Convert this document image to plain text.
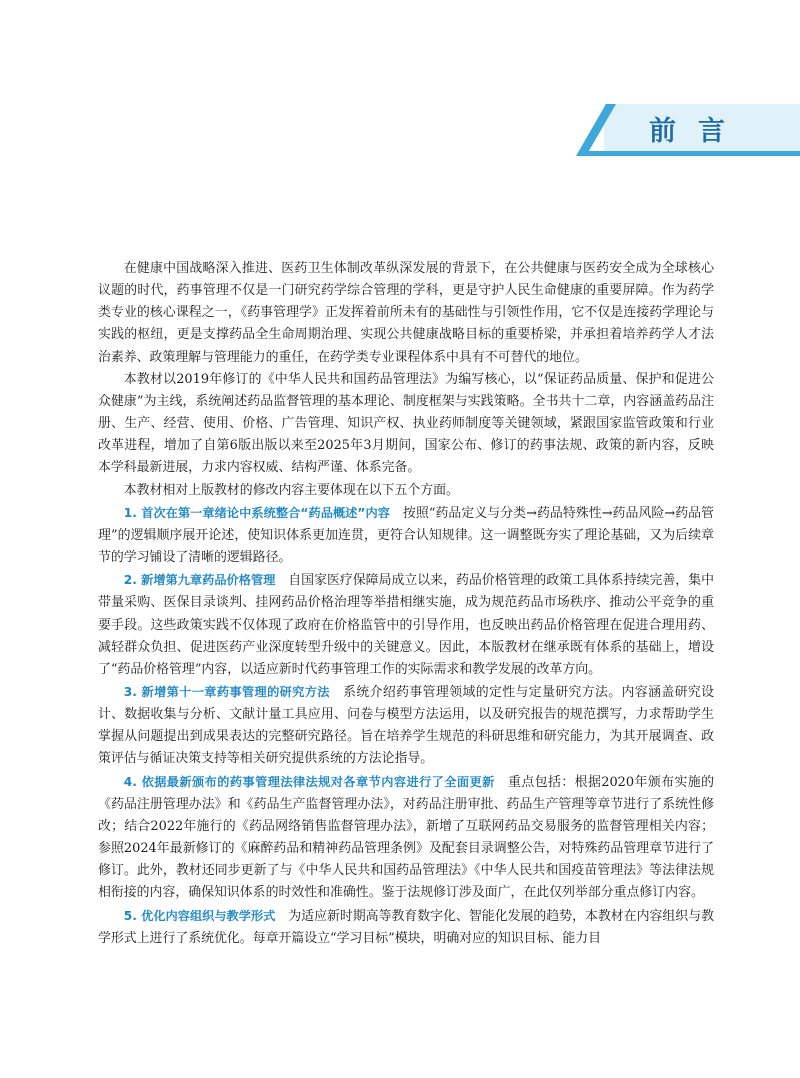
前言

在健康中国战略深入推进、医药卫生体制改革纵深发展的背景下，在公共健康与医药安全成为全球核心议题的时代，药事管理不仅是一门研究药学综合管理的学科，更是守护人民生命健康的重要屏障。作为药学类专业的核心课程之一，《药事管理学》正发挥着前所未有的基础性与引领性作用，它不仅是连接药学理论与实践的枢纽，更是支撑药品全生命周期治理、实现公共健康战略目标的重要桥梁，并承担着培养药学人才法治素养、政策理解与管理能力的重任，在药学类专业课程体系中具有不可替代的地位。

本教材以2019年修订的《中华人民共和国药品管理法》为编写核心，以“保证药品质量、保护和促进公众健康”为主线，系统阐述药品监督管理的基本理论、制度框架与实践策略。全书共十二章，内容涵盖药品注册、生产、经营、使用、价格、广告管理、知识产权、执业药师制度等关键领域，紧跟国家监管政策和行业改革进程，增加了自第6版出版以来至2025年3月期间，国家公布、修订的药事法规、政策的新内容，反映本学科最新进展，力求内容权威、结构严谨、体系完备。

本教材相对上版教材的修改内容主要体现在以下五个方面。

1. 首次在第一章绪论中系统整合“药品概述”内容  按照“药品定义与分类→药品特殊性→药品风险→药品管理”的逻辑顺序展开论述，使知识体系更加连贯，更符合认知规律。这一调整既夯实了理论基础，又为后续章节的学习铺设了清晰的逻辑路径。

2. 新增第九章药品价格管理  自国家医疗保障局成立以来，药品价格管理的政策工具体系持续完善，集中带量采购、医保目录谈判、挂网药品价格治理等举措相继实施，成为规范药品市场秩序、推动公平竞争的重要手段。这些政策实践不仅体现了政府在价格监管中的引导作用，也反映出药品价格管理在促进合理用药、减轻群众负担、促进医药产业深度转型升级中的关键意义。因此，本版教材在继承既有体系的基础上，增设了“药品价格管理”内容，以适应新时代药事管理工作的实际需求和教学发展的改革方向。

3. 新增第十一章药事管理的研究方法  系统介绍药事管理领域的定性与定量研究方法。内容涵盖研究设计、数据收集与分析、文献计量工具应用、问卷与模型方法运用，以及研究报告的规范撰写，力求帮助学生掌握从问题提出到成果表达的完整研究路径。旨在培养学生规范的科研思维和研究能力，为其开展调查、政策评估与循证决策支持等相关研究提供系统的方法论指导。

4. 依据最新颁布的药事管理法律法规对各章节内容进行了全面更新  重点包括：根据2020年颁布实施的《药品注册管理办法》和《药品生产监督管理办法》，对药品注册审批、药品生产管理等章节进行了系统性修改；结合2022年施行的《药品网络销售监督管理办法》，新增了互联网药品交易服务的监督管理相关内容；参照2024年最新修订的《麻醉药品和精神药品管理条例》及配套目录调整公告，对特殊药品管理章节进行了修订。此外，教材还同步更新了与《中华人民共和国药品管理法》《中华人民共和国疫苗管理法》等法律法规相衔接的内容，确保知识体系的时效性和准确性。鉴于法规修订涉及面广，在此仅列举部分重点修订内容。

5. 优化内容组织与教学形式  为适应新时期高等教育数字化、智能化发展的趋势，本教材在内容组织与教学形式上进行了系统优化。每章开篇设立“学习目标”模块，明确对应的知识目标、能力目
